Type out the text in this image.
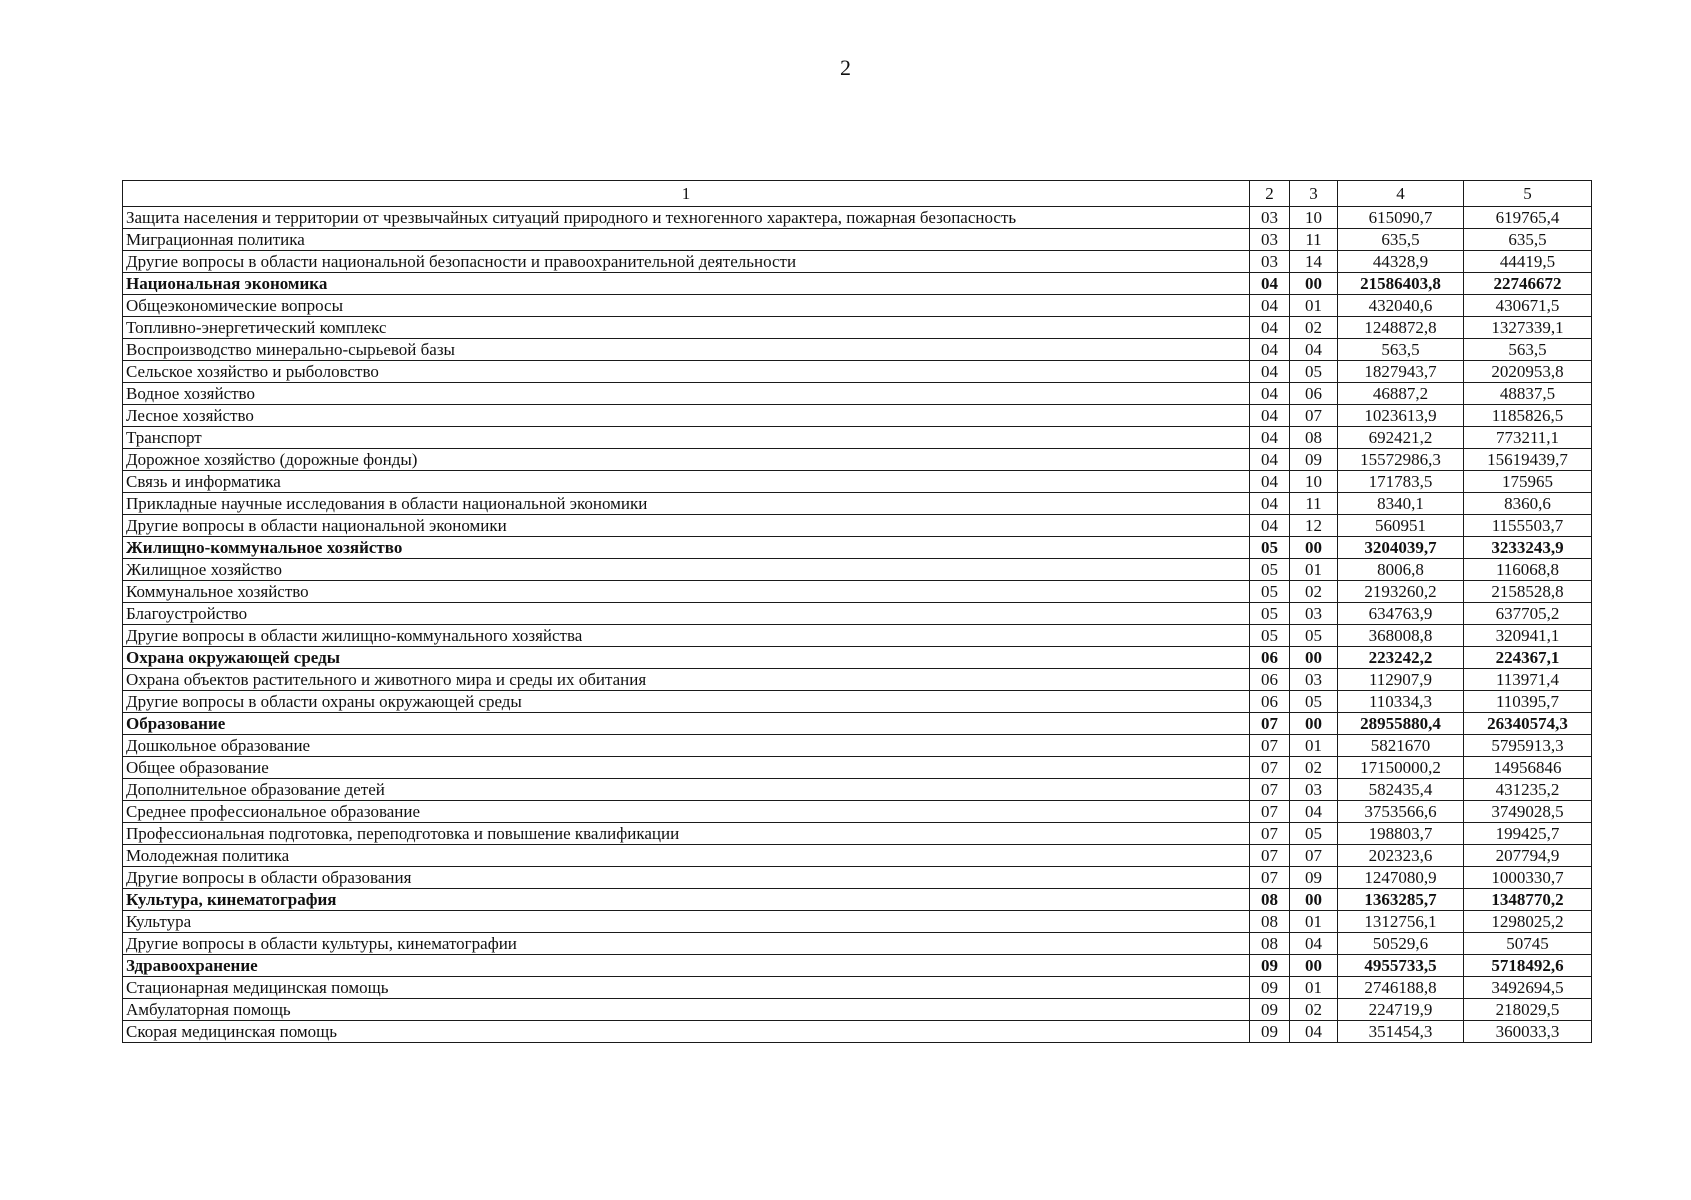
2
1	2	3	4	5
Защита населения и территории от чрезвычайных ситуаций природного и техногенного характера, пожарная безопасность	03	10	615090,7	619765,4
Миграционная политика	03	11	635,5	635,5
Другие вопросы в области национальной безопасности и правоохранительной деятельности	03	14	44328,9	44419,5
Национальная экономика	04	00	21586403,8	22746672
Общеэкономические вопросы	04	01	432040,6	430671,5
Топливно-энергетический комплекс	04	02	1248872,8	1327339,1
Воспроизводство минерально-сырьевой базы	04	04	563,5	563,5
Сельское хозяйство и рыболовство	04	05	1827943,7	2020953,8
Водное хозяйство	04	06	46887,2	48837,5
Лесное хозяйство	04	07	1023613,9	1185826,5
Транспорт	04	08	692421,2	773211,1
Дорожное хозяйство (дорожные фонды)	04	09	15572986,3	15619439,7
Связь и информатика	04	10	171783,5	175965
Прикладные научные исследования в области национальной экономики	04	11	8340,1	8360,6
Другие вопросы в области национальной экономики	04	12	560951	1155503,7
Жилищно-коммунальное хозяйство	05	00	3204039,7	3233243,9
Жилищное хозяйство	05	01	8006,8	116068,8
Коммунальное хозяйство	05	02	2193260,2	2158528,8
Благоустройство	05	03	634763,9	637705,2
Другие вопросы в области жилищно-коммунального хозяйства	05	05	368008,8	320941,1
Охрана окружающей среды	06	00	223242,2	224367,1
Охрана объектов растительного и животного мира и среды их обитания	06	03	112907,9	113971,4
Другие вопросы в области охраны окружающей среды	06	05	110334,3	110395,7
Образование	07	00	28955880,4	26340574,3
Дошкольное образование	07	01	5821670	5795913,3
Общее образование	07	02	17150000,2	14956846
Дополнительное образование детей	07	03	582435,4	431235,2
Среднее профессиональное образование	07	04	3753566,6	3749028,5
Профессиональная подготовка, переподготовка и повышение квалификации	07	05	198803,7	199425,7
Молодежная политика	07	07	202323,6	207794,9
Другие вопросы в области образования	07	09	1247080,9	1000330,7
Культура, кинематография	08	00	1363285,7	1348770,2
Культура	08	01	1312756,1	1298025,2
Другие вопросы в области культуры, кинематографии	08	04	50529,6	50745
Здравоохранение	09	00	4955733,5	5718492,6
Стационарная медицинская помощь	09	01	2746188,8	3492694,5
Амбулаторная помощь	09	02	224719,9	218029,5
Скорая медицинская помощь	09	04	351454,3	360033,3
